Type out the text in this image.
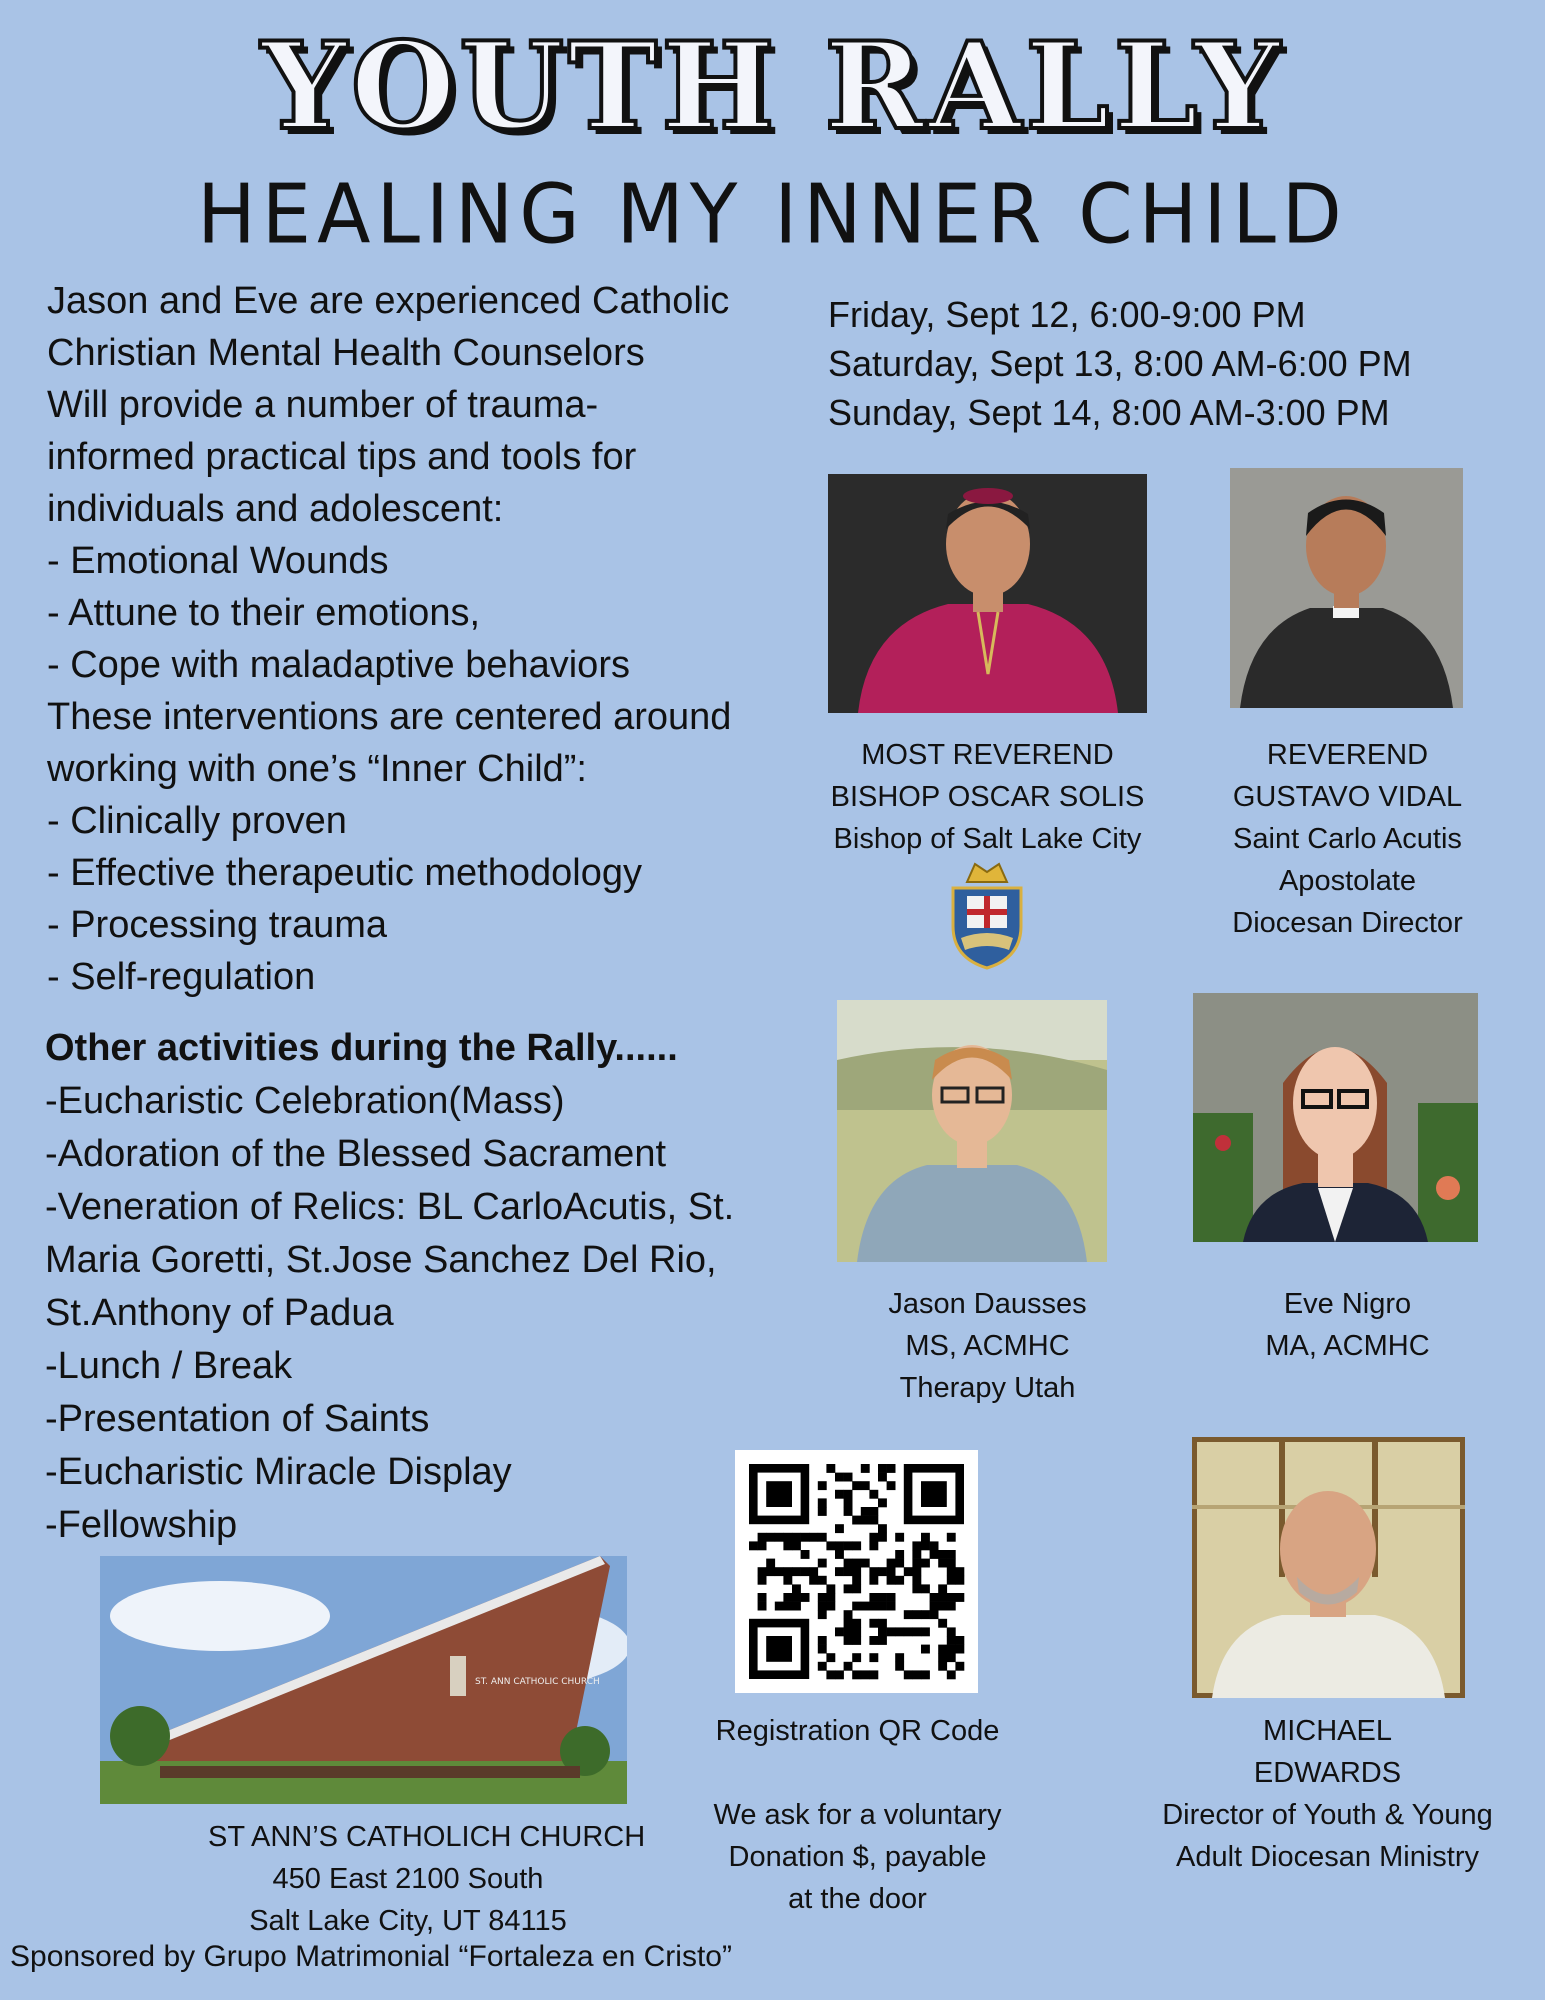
YOUTH RALLY
HEALING MY INNER CHILD
Jason and Eve are experienced Catholic
Christian Mental Health Counselors
Will provide a number of trauma-
informed practical tips and tools for
individuals and adolescent:
- Emotional Wounds
- Attune to their emotions,
- Cope with maladaptive behaviors
These interventions are centered around
working with one’s “Inner Child”:
- Clinically proven
- Effective therapeutic methodology
- Processing trauma
- Self-regulation
Other activities during the Rally......
-Eucharistic Celebration(Mass)
-Adoration of the Blessed Sacrament
-Veneration of Relics: BL CarloAcutis, St.
Maria Goretti, St.Jose Sanchez Del Rio,
St.Anthony of Padua
-Lunch / Break
-Presentation of Saints
-Eucharistic Miracle Display
-Fellowship
Friday, Sept 12, 6:00-9:00 PM
Saturday, Sept 13, 8:00 AM-6:00 PM
Sunday, Sept 14, 8:00 AM-3:00 PM
MOST REVEREND
BISHOP OSCAR SOLIS
Bishop of Salt Lake City
REVEREND
GUSTAVO VIDAL
Saint Carlo Acutis
Apostolate
Diocesan Director
Jason Dausses
MS, ACMHC
Therapy Utah
Eve Nigro
MA, ACMHC
Registration QR Code
We ask for a voluntary
Donation $, payable
at the door
MICHAEL
EDWARDS
Director of Youth & Young
Adult Diocesan Ministry
ST. ANN CATHOLIC CHURCH
ST ANN’S CATHOLICH CHURCH
450 East 2100 South
Salt Lake City, UT 84115
Sponsored by Grupo Matrimonial “Fortaleza en Cristo”
